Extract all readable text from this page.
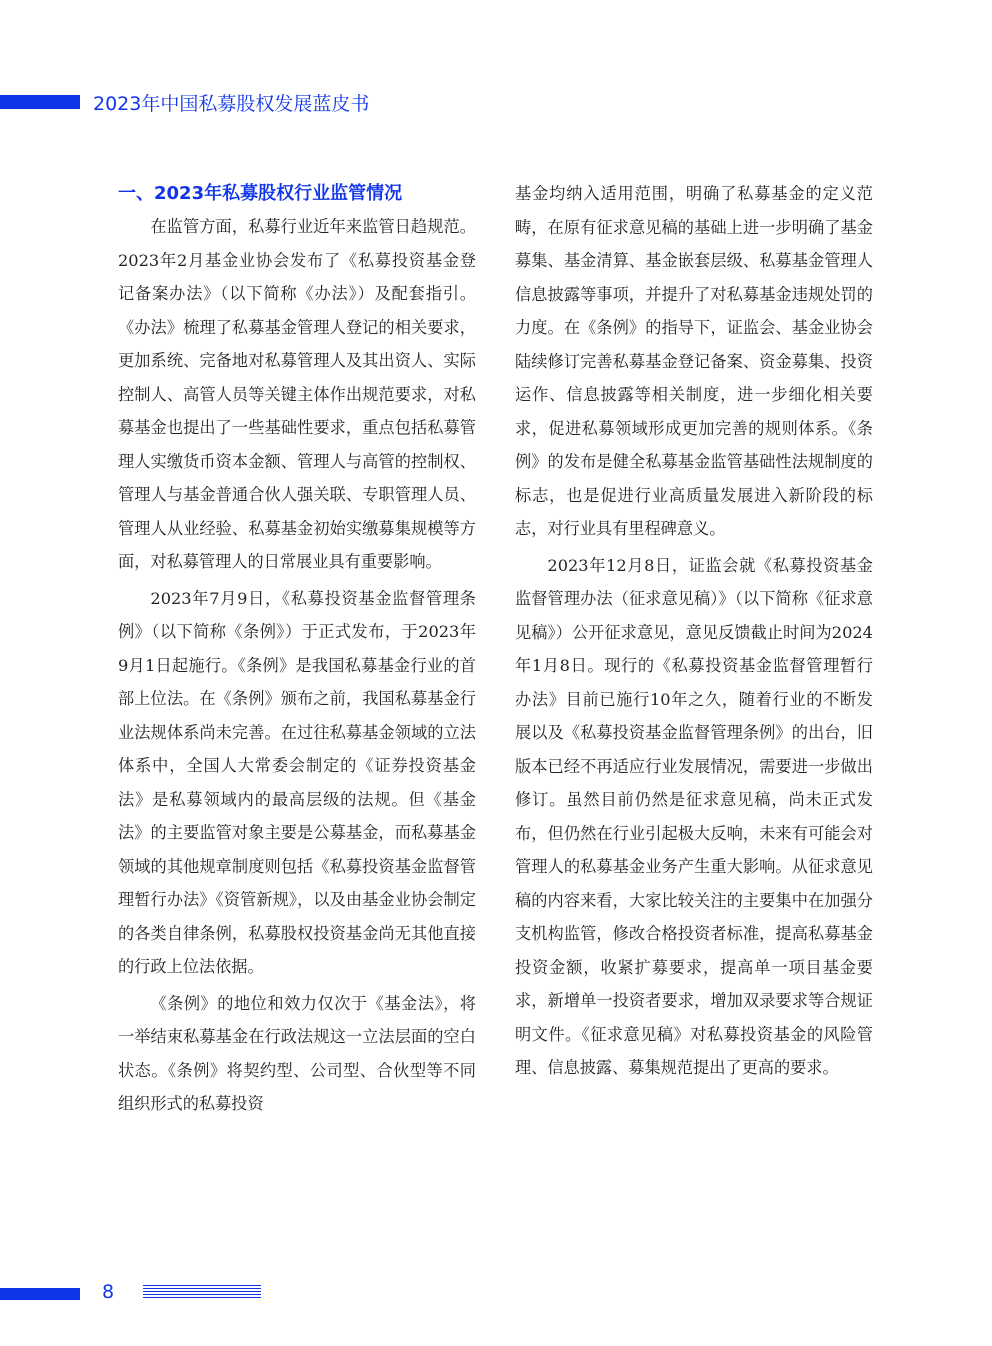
2023年中国私募股权发展蓝皮书
一、2023年私募股权行业监管情况

在监管方面，私募行业近年来监管日趋规范。2023年2月基金业协会发布了《私募投资基金登记备案办法》（以下简称《办法》）及配套指引。《办法》梳理了私募基金管理人登记的相关要求，更加系统、完备地对私募管理人及其出资人、实际控制人、高管人员等关键主体作出规范要求，对私募基金也提出了一些基础性要求，重点包括私募管理人实缴货币资本金额、管理人与高管的控制权、管理人与基金普通合伙人强关联、专职管理人员、管理人从业经验、私募基金初始实缴募集规模等方面，对私募管理人的日常展业具有重要影响。

2023年7月9日，《私募投资基金监督管理条例》（以下简称《条例》）于正式发布，于2023年9月1日起施行。《条例》是我国私募基金行业的首部上位法。在《条例》颁布之前，我国私募基金行业法规体系尚未完善。在过往私募基金领域的立法体系中，全国人大常委会制定的《证券投资基金法》是私募领域内的最高层级的法规。但《基金法》的主要监管对象主要是公募基金，而私募基金领域的其他规章制度则包括《私募投资基金监督管理暂行办法》《资管新规》，以及由基金业协会制定的各类自律条例，私募股权投资基金尚无其他直接的行政上位法依据。

《条例》的地位和效力仅次于《基金法》，将一举结束私募基金在行政法规这一立法层面的空白状态。《条例》将契约型、公司型、合伙型等不同组织形式的私募投资

基金均纳入适用范围，明确了私募基金的定义范畴，在原有征求意见稿的基础上进一步明确了基金募集、基金清算、基金嵌套层级、私募基金管理人信息披露等事项，并提升了对私募基金违规处罚的力度。在《条例》的指导下，证监会、基金业协会陆续修订完善私募基金登记备案、资金募集、投资运作、信息披露等相关制度，进一步细化相关要求，促进私募领域形成更加完善的规则体系。《条例》的发布是健全私募基金监管基础性法规制度的标志，也是促进行业高质量发展进入新阶段的标志，对行业具有里程碑意义。

2023年12月8日，证监会就《私募投资基金监督管理办法（征求意见稿）》（以下简称《征求意见稿》）公开征求意见，意见反馈截止时间为2024年1月8日。现行的《私募投资基金监督管理暂行办法》目前已施行10年之久，随着行业的不断发展以及《私募投资基金监督管理条例》的出台，旧版本已经不再适应行业发展情况，需要进一步做出修订。虽然目前仍然是征求意见稿，尚未正式发布，但仍然在行业引起极大反响，未来有可能会对管理人的私募基金业务产生重大影响。从征求意见稿的内容来看，大家比较关注的主要集中在加强分支机构监管，修改合格投资者标准，提高私募基金投资金额，收紧扩募要求，提高单一项目基金要求，新增单一投资者要求，增加双录要求等合规证明文件。《征求意见稿》对私募投资基金的风险管理、信息披露、募集规范提出了更高的要求。

8
